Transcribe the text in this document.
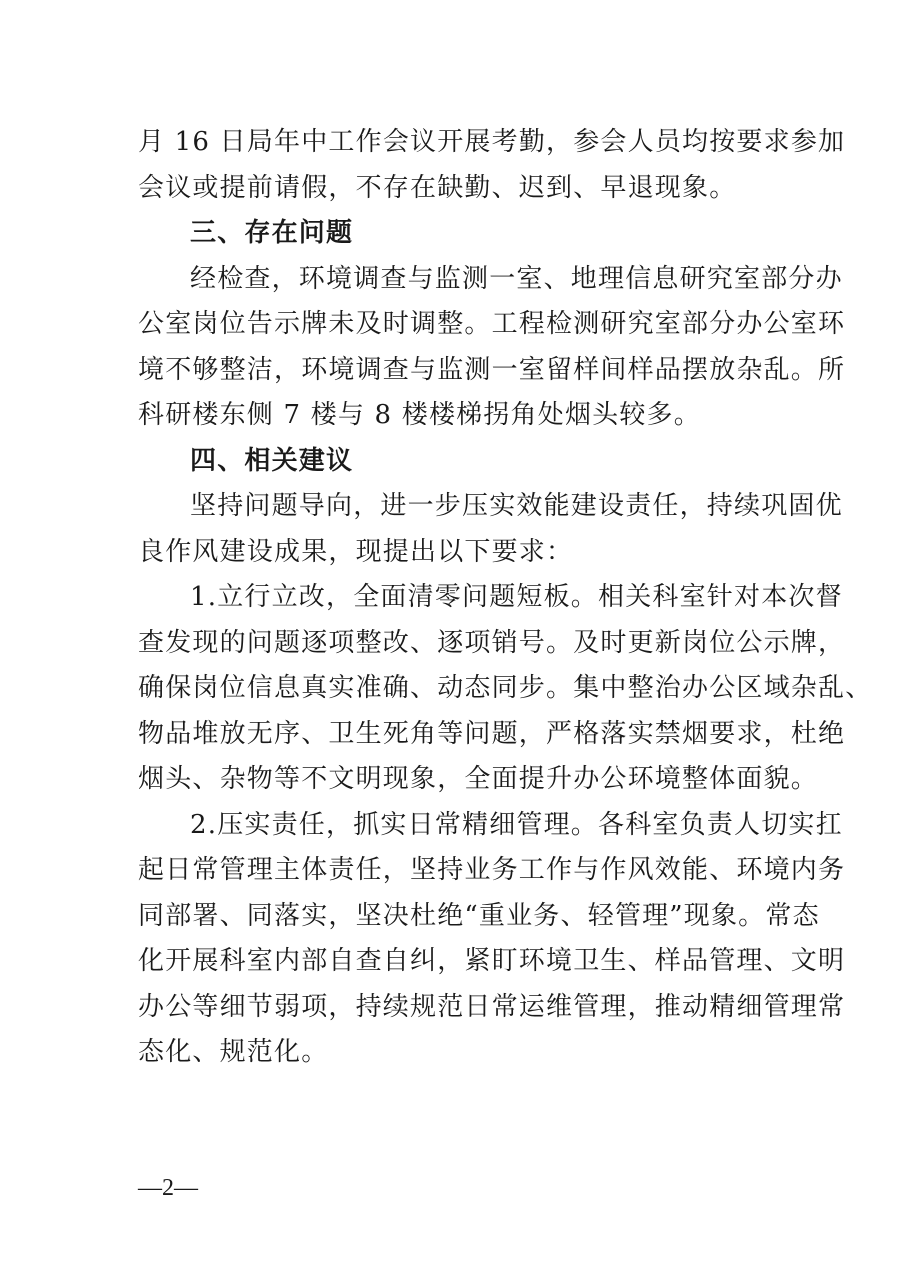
月 16 日局年中工作会议开展考勤，参会人员均按要求参加
会议或提前请假，不存在缺勤、迟到、早退现象。
三、存在问题
经检查，环境调查与监测一室、地理信息研究室部分办
公室岗位告示牌未及时调整。工程检测研究室部分办公室环
境不够整洁，环境调查与监测一室留样间样品摆放杂乱。所
科研楼东侧 7 楼与 8 楼楼梯拐角处烟头较多。
四、相关建议
坚持问题导向，进一步压实效能建设责任，持续巩固优
良作风建设成果，现提出以下要求：
1.立行立改，全面清零问题短板。相关科室针对本次督
查发现的问题逐项整改、逐项销号。及时更新岗位公示牌，
确保岗位信息真实准确、动态同步。集中整治办公区域杂乱、
物品堆放无序、卫生死角等问题，严格落实禁烟要求，杜绝
烟头、杂物等不文明现象，全面提升办公环境整体面貌。
2.压实责任，抓实日常精细管理。各科室负责人切实扛
起日常管理主体责任，坚持业务工作与作风效能、环境内务
同部署、同落实，坚决杜绝“重业务、轻管理”现象。常态
化开展科室内部自查自纠，紧盯环境卫生、样品管理、文明
办公等细节弱项，持续规范日常运维管理，推动精细管理常
态化、规范化。
—2—
